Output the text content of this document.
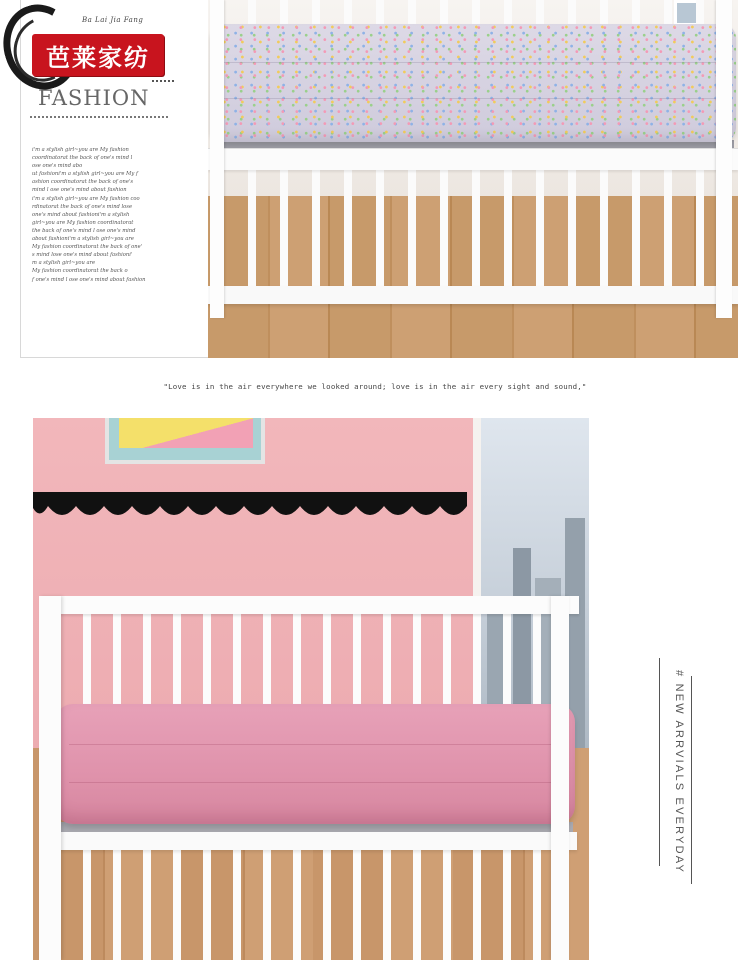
Ba Lai Jia Fang
芭莱家纺
FASHION
i'm a stylish girl~you are My fashion
coordinatorat the back of one's mind l
ose one's mind abo
ut fashioni'm a stylish girl~you are My f
ashion coordinatorat the back of one's
mind l ose one's mind about fashion
i'm a stylish girl~you are My fashion coo
rdinatorat the back of one's mind lose
one's mind about fashioni'm a stylish
girl~you are My fashion coordinatorat
the back of one's mind l ose one's mind
about fashioni'm a stylish girl~you are
My fashion coordinatorat the back of one'
s mind lose one's mind about fashioni'
m a stylish girl~you are
My fashion coordinatorat the back o
f one's mind l ose one's mind about fashion
"Love is in the air everywhere we looked around; love is in the air every sight and sound,"
# NEW ARRVIALS EVERYDAY
